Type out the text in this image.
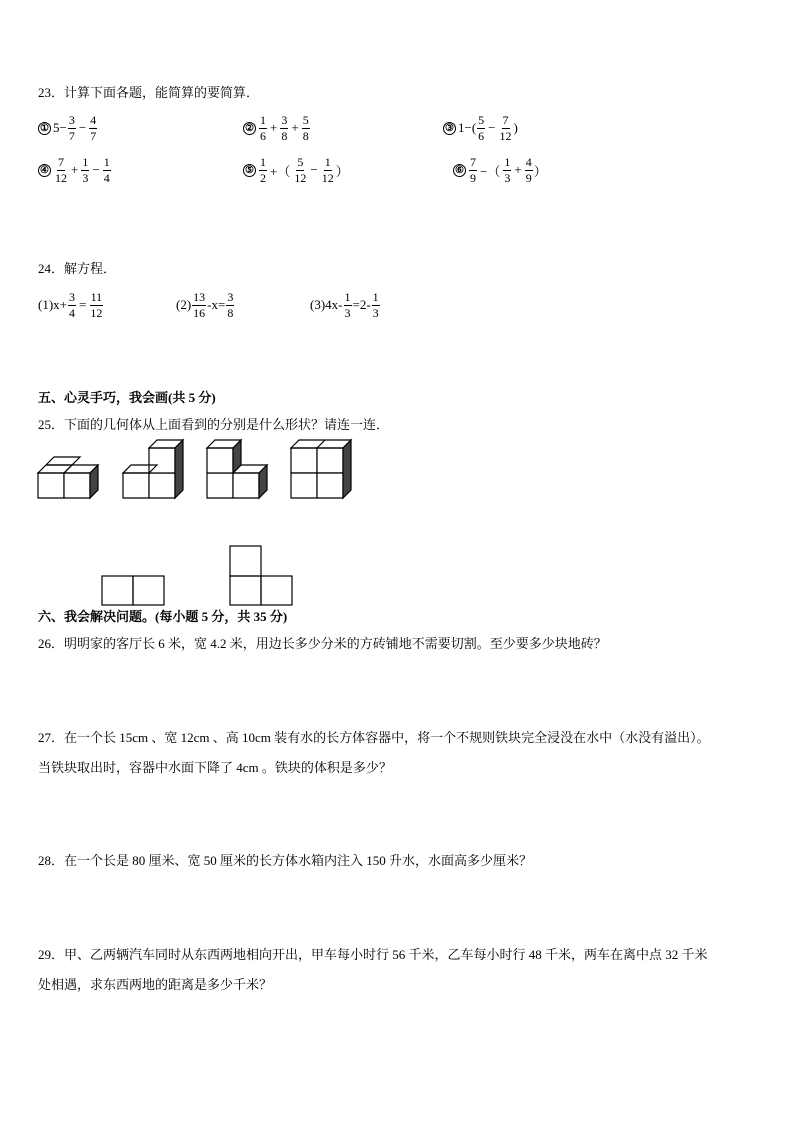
23．计算下面各题，能简算的要简算．
① $5- \frac{3}{7} - \frac{4}{7}$	② $\frac{1}{6} + \frac{3}{8} + \frac{5}{8}$	③ $1-( \frac{5}{6} - \frac{7}{12}$ )
④ $\frac{7}{12} + \frac{1}{3} - \frac{1}{4}$	⑤ $\frac{1}{2}$ +（ $\frac{5}{12} - \frac{1}{12}$ ）	⑥ $\frac{7}{9}$ −（ $\frac{1}{3} + \frac{4}{9}$ ）
24．解方程．
$(1)x+ \frac{3}{4} = \frac{11}{12}$	$(2) \frac{13}{16} -x= \frac{3}{8}$	$(3)4x- \frac{1}{3} =2- \frac{1}{3}$
五、心灵手巧，我会画(共 5 分)
25．下面的几何体从上面看到的分别是什么形状？请连一连．
六、我会解决问题。(每小题 5 分，共 35 分)
26．明明家的客厅长 6 米，宽 4.2 米，用边长多少分米的方砖铺地不需要切割。至少要多少块地砖？
27．在一个长 15cm 、宽 12cm 、高 10cm 装有水的长方体容器中，将一个不规则铁块完全浸没在水中（水没有溢出）。
当铁块取出时，容器中水面下降了 4cm 。铁块的体积是多少？
28．在一个长是 80 厘米、宽 50 厘米的长方体水箱内注入 150 升水，水面高多少厘米？
29．甲、乙两辆汽车同时从东西两地相向开出，甲车每小时行 56 千米，乙车每小时行 48 千米，两车在离中点 32 千米
处相遇，求东西两地的距离是多少千米？
